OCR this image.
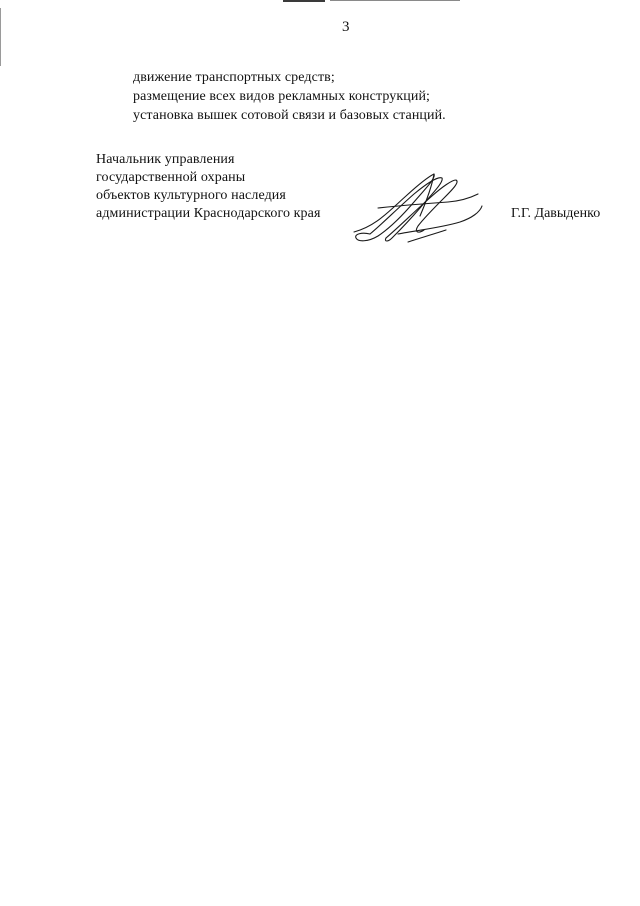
3
движение транспортных средств;
размещение всех видов рекламных конструкций;
установка вышек сотовой связи и базовых станций.
Начальник управления
государственной охраны
объектов культурного наследия
администрации Краснодарского края	Г.Г. Давыденко
